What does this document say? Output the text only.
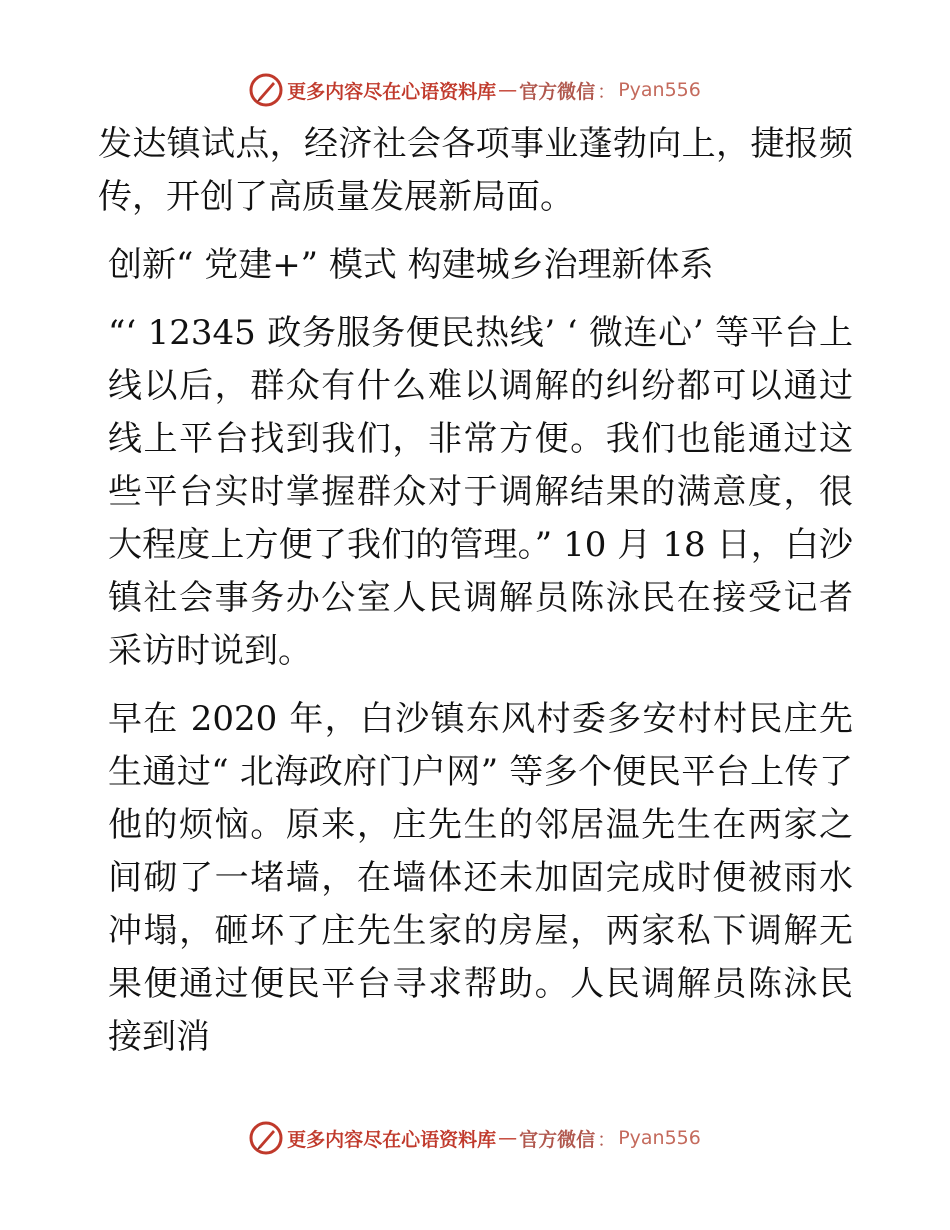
更多内容尽在心语资料库 — 官方微信 ： Pyan556

发达镇试点，经济社会各项事业蓬勃向上，捷报频传，开创了高质量发展新局面。

创新“ 党建+” 模式 构建城乡治理新体系

“‘ 12345 政务服务便民热线’ ‘ 微连心’ 等平台上线以后，群众有什么难以调解的纠纷都可以通过线上平台找到我们，非常方便。我们也能通过这些平台实时掌握群众对于调解结果的满意度，很大程度上方便了我们的管理。” 10 月 18 日，白沙镇社会事务办公室人民调解员陈泳民在接受记者采访时说到。

早在 2020 年，白沙镇东风村委多安村村民庄先生通过“ 北海政府门户网” 等多个便民平台上传了他的烦恼。原来，庄先生的邻居温先生在两家之间砌了一堵墙，在墙体还未加固完成时便被雨水冲塌，砸坏了庄先生家的房屋，两家私下调解无果便通过便民平台寻求帮助。人民调解员陈泳民接到消

更多内容尽在心语资料库 — 官方微信 ： Pyan556
